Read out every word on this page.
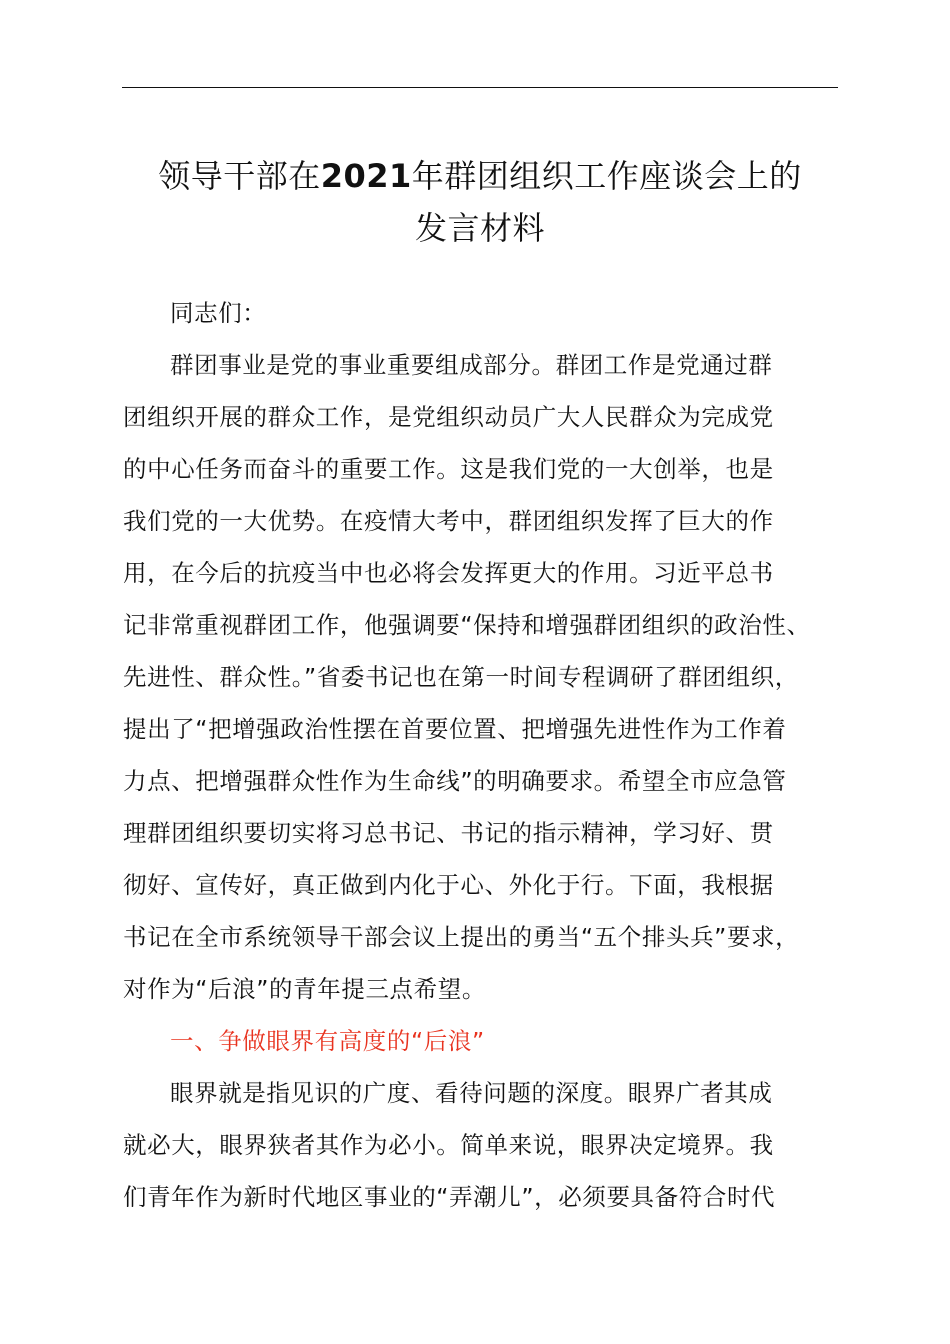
领导干部在2021年群团组织工作座谈会上的
发言材料

同志们：

群团事业是党的事业重要组成部分。群团工作是党通过群
团组织开展的群众工作，是党组织动员广大人民群众为完成党
的中心任务而奋斗的重要工作。这是我们党的一大创举，也是
我们党的一大优势。在疫情大考中，群团组织发挥了巨大的作
用，在今后的抗疫当中也必将会发挥更大的作用。习近平总书
记非常重视群团工作，他强调要“保持和增强群团组织的政治性、
先进性、群众性。”省委书记也在第一时间专程调研了群团组织，
提出了“把增强政治性摆在首要位置、把增强先进性作为工作着
力点、把增强群众性作为生命线”的明确要求。希望全市应急管
理群团组织要切实将习总书记、书记的指示精神，学习好、贯
彻好、宣传好，真正做到内化于心、外化于行。下面，我根据
书记在全市系统领导干部会议上提出的勇当“五个排头兵”要求，
对作为“后浪”的青年提三点希望。

一、争做眼界有高度的“后浪”

眼界就是指见识的广度、看待问题的深度。眼界广者其成
就必大，眼界狭者其作为必小。简单来说，眼界决定境界。我
们青年作为新时代地区事业的“弄潮儿”，必须要具备符合时代
